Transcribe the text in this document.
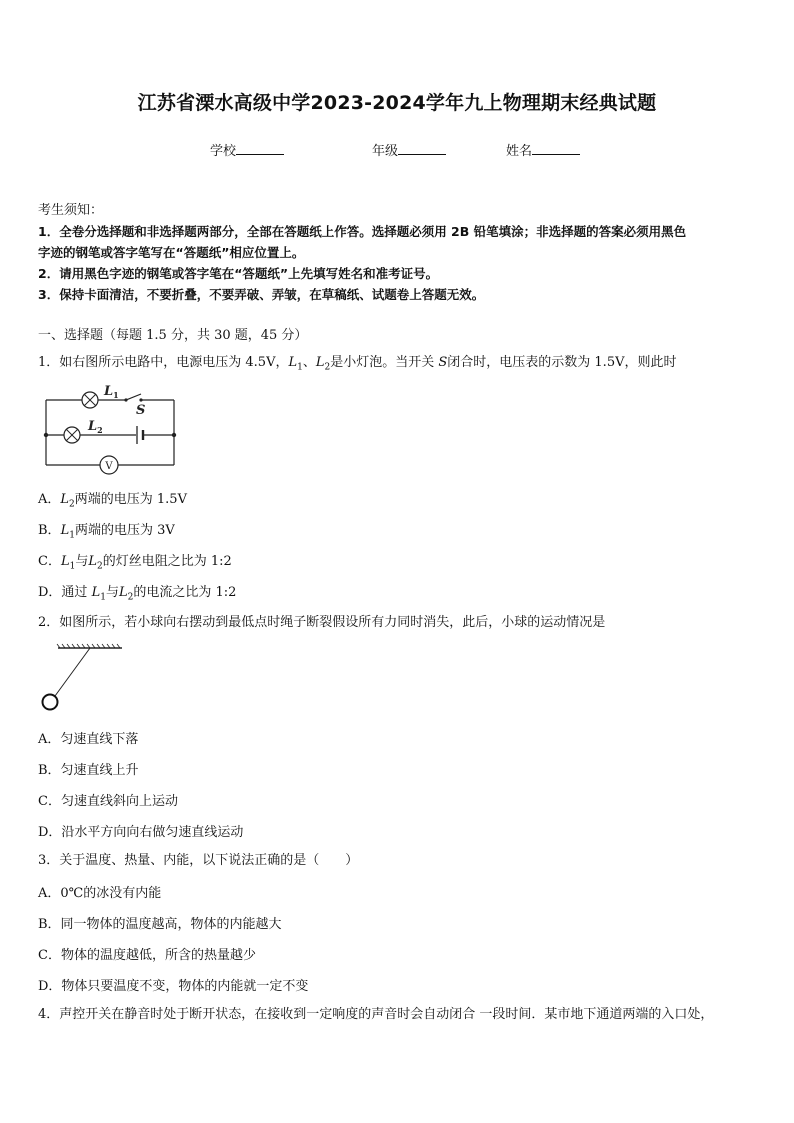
江苏省溧水高级中学2023-2024学年九上物理期末经典试题
学校	年级	姓名
考生须知：
1．全卷分选择题和非选择题两部分，全部在答题纸上作答。选择题必须用 2B 铅笔填涂；非选择题的答案必须用黑色
字迹的钢笔或答字笔写在“答题纸”相应位置上。
2．请用黑色字迹的钢笔或答字笔在“答题纸”上先填写姓名和准考证号。
3．保持卡面清洁，不要折叠，不要弄破、弄皱，在草稿纸、试题卷上答题无效。
一、选择题（每题 1.5 分，共 30 题，45 分）
1．如右图所示电路中，电源电压为 4.5V，$L_1$、$L_2$是小灯泡。当开关 S闭合时，电压表的示数为 1.5V，则此时
V
$L_1$
S
$L_2$
A．$L_2$两端的电压为 1.5V
B．$L_1$两端的电压为 3V
C．$L_1$与$L_2$的灯丝电阻之比为 1:2
D．通过 $L_1$与$L_2$的电流之比为 1:2
2．如图所示，若小球向右摆动到最低点时绳子断裂假设所有力同时消失，此后，小球的运动情况是
A．匀速直线下落
B．匀速直线上升
C．匀速直线斜向上运动
D．沿水平方向向右做匀速直线运动
3．关于温度、热量、内能，以下说法正确的是（　　）
A．0℃的冰没有内能
B．同一物体的温度越高，物体的内能越大
C．物体的温度越低，所含的热量越少
D．物体只要温度不变，物体的内能就一定不变
4．声控开关在静音时处于断开状态，在接收到一定响度的声音时会自动闭合 一段时间．某市地下通道两端的入口处，
